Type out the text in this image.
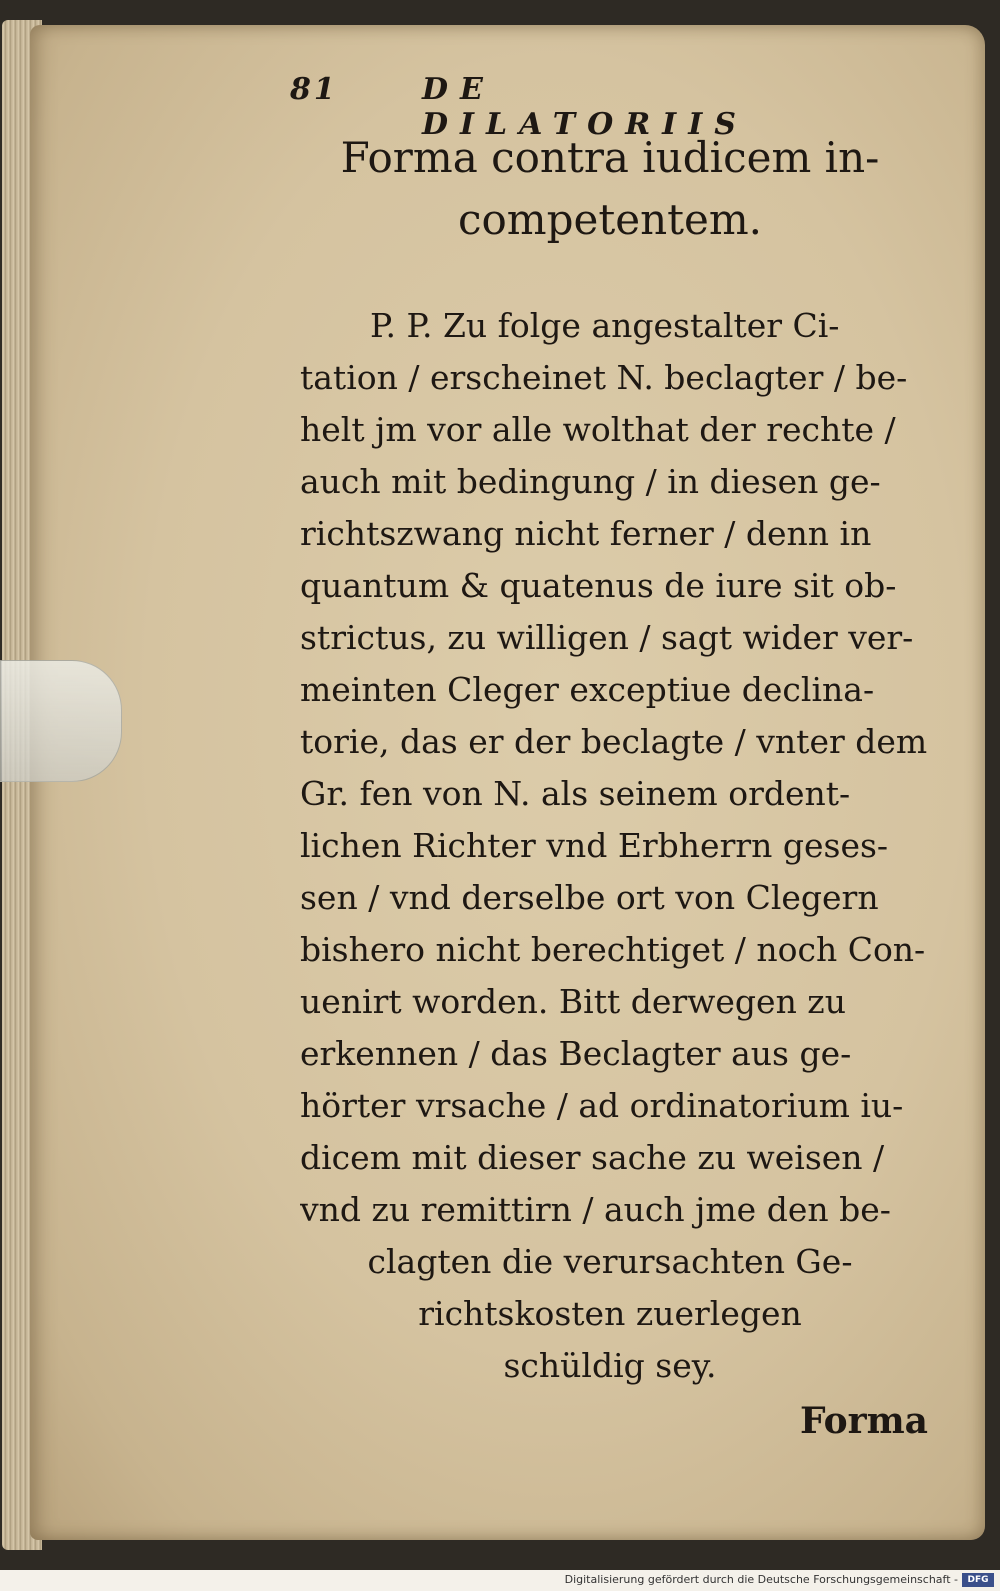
81	DE DILATORIIS
Forma contra iudicem in-
competentem.
P. P. Zu folge angestalter Ci-
tation / erscheinet N. beclagter / be-
helt jm vor alle wolthat der rechte /
auch mit bedingung / in diesen ge-
richtszwang nicht ferner / denn in
quantum & quatenus de iure sit ob-
strictus, zu willigen / sagt wider ver-
meinten Cleger exceptiue declina-
torie, das er der beclagte / vnter dem
Gr. fen von N. als seinem ordent-
lichen Richter vnd Erbherrn geses-
sen / vnd derselbe ort von Clegern
bishero nicht berechtiget / noch Con-
uenirt worden. Bitt derwegen zu
erkennen / das Beclagter aus ge-
hörter vrsache / ad ordinatorium iu-
dicem mit dieser sache zu weisen /
vnd zu remittirn / auch jme den be-
clagten die verursachten Ge-
richtskosten zuerlegen
schüldig sey.
Forma
Digitalisierung gefördert durch die Deutsche Forschungsgemeinschaft -	DFG
